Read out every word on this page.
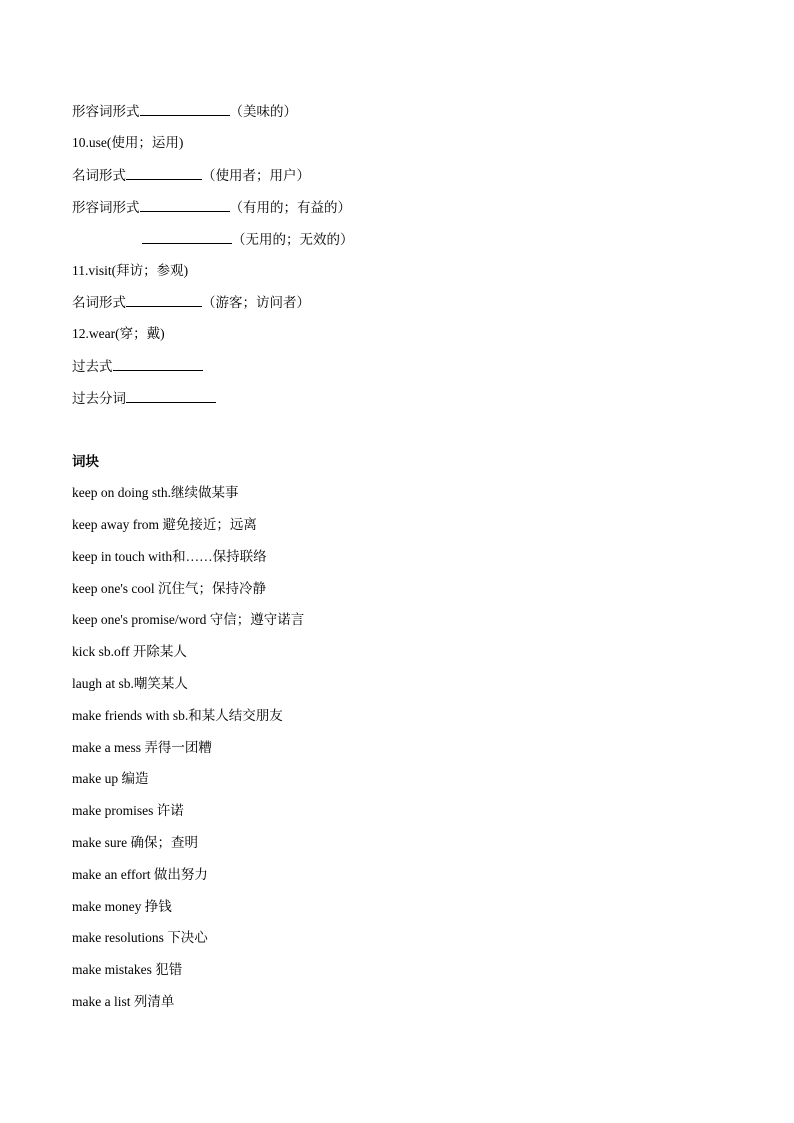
形容词形式	（美味的）
10.use(使用；运用)
名词形式	（使用者；用户）
形容词形式	（有用的；有益的）
（无用的；无效的）
11.visit(拜访；参观)
名词形式	（游客；访问者）
12.wear(穿；戴)
过去式
过去分词
词块
keep on doing sth.继续做某事
keep away from 避免接近；远离
keep in touch with和……保持联络
keep one's cool 沉住气；保持冷静
keep one's promise/word 守信；遵守诺言
kick sb.off 开除某人
laugh at sb.嘲笑某人
make friends with sb.和某人结交朋友
make a mess 弄得一团糟
make up 编造
make promises 许诺
make sure 确保；查明
make an effort 做出努力
make money 挣钱
make resolutions 下决心
make mistakes 犯错
make a list 列清单
